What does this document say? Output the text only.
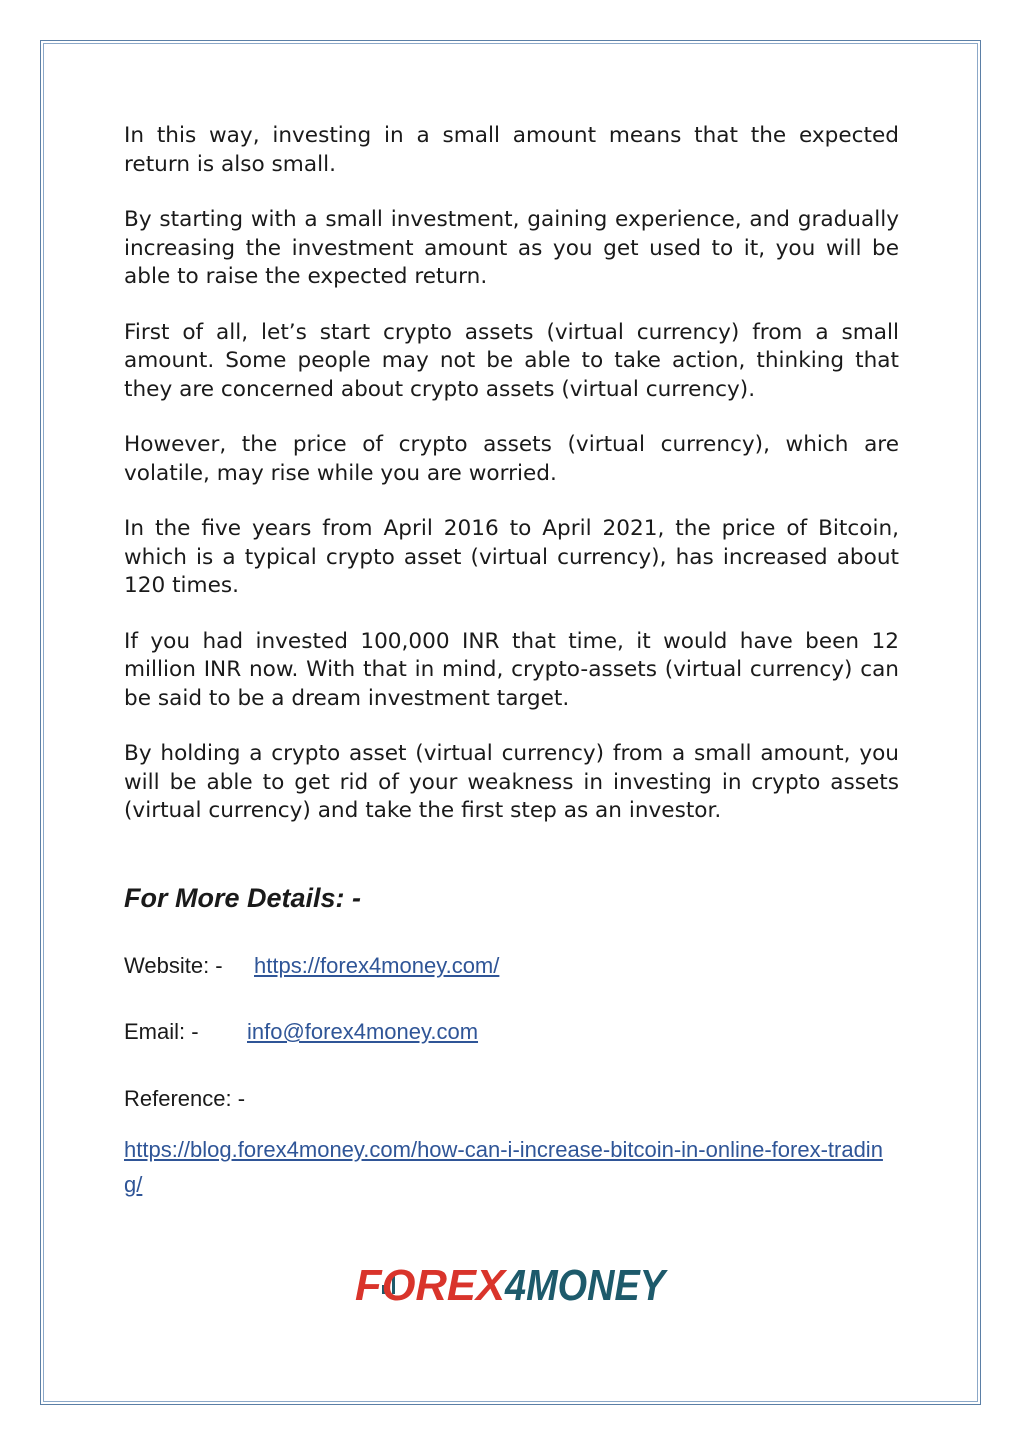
In this way, investing in a small amount means that the expected return is also small.

By starting with a small investment, gaining experience, and gradually increasing the investment amount as you get used to it, you will be able to raise the expected return.

First of all, let’s start crypto assets (virtual currency) from a small amount. Some people may not be able to take action, thinking that they are concerned about crypto assets (virtual currency).

However, the price of crypto assets (virtual currency), which are volatile, may rise while you are worried.

In the five years from April 2016 to April 2021, the price of Bitcoin, which is a typical crypto asset (virtual currency), has increased about 120 times.

If you had invested 100,000 INR that time, it would have been 12 million INR now. With that in mind, crypto-assets (virtual currency) can be said to be a dream investment target.

By holding a crypto asset (virtual currency) from a small amount, you will be able to get rid of your weakness in investing in crypto assets (virtual currency) and take the first step as an investor.

For More Details: -
Website: - https://forex4money.com/
Email: - info@forex4money.com
Reference: -
https://blog.forex4money.com/how-can-i-increase-bitcoin-in-online-forex-trading/
FOREX
4MONEY
